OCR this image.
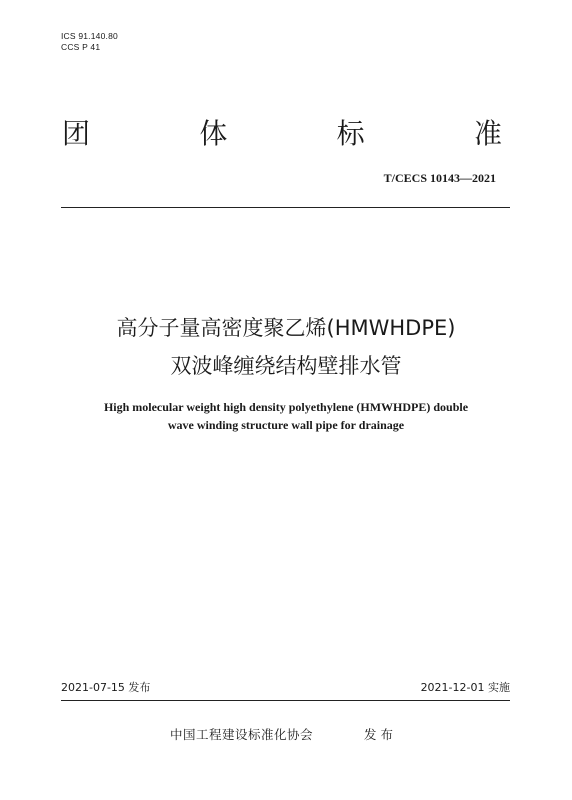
ICS 91.140.80
CCS P 41
团	体	标	准
T/CECS 10143—2021
高分子量高密度聚乙烯(HMWHDPE)
双波峰缠绕结构壁排水管
High molecular weight high density polyethylene (HMWHDPE) double
wave winding structure wall pipe for drainage
2021-07-15 发布	2021-12-01 实施
中国工程建设标准化协会	发布
